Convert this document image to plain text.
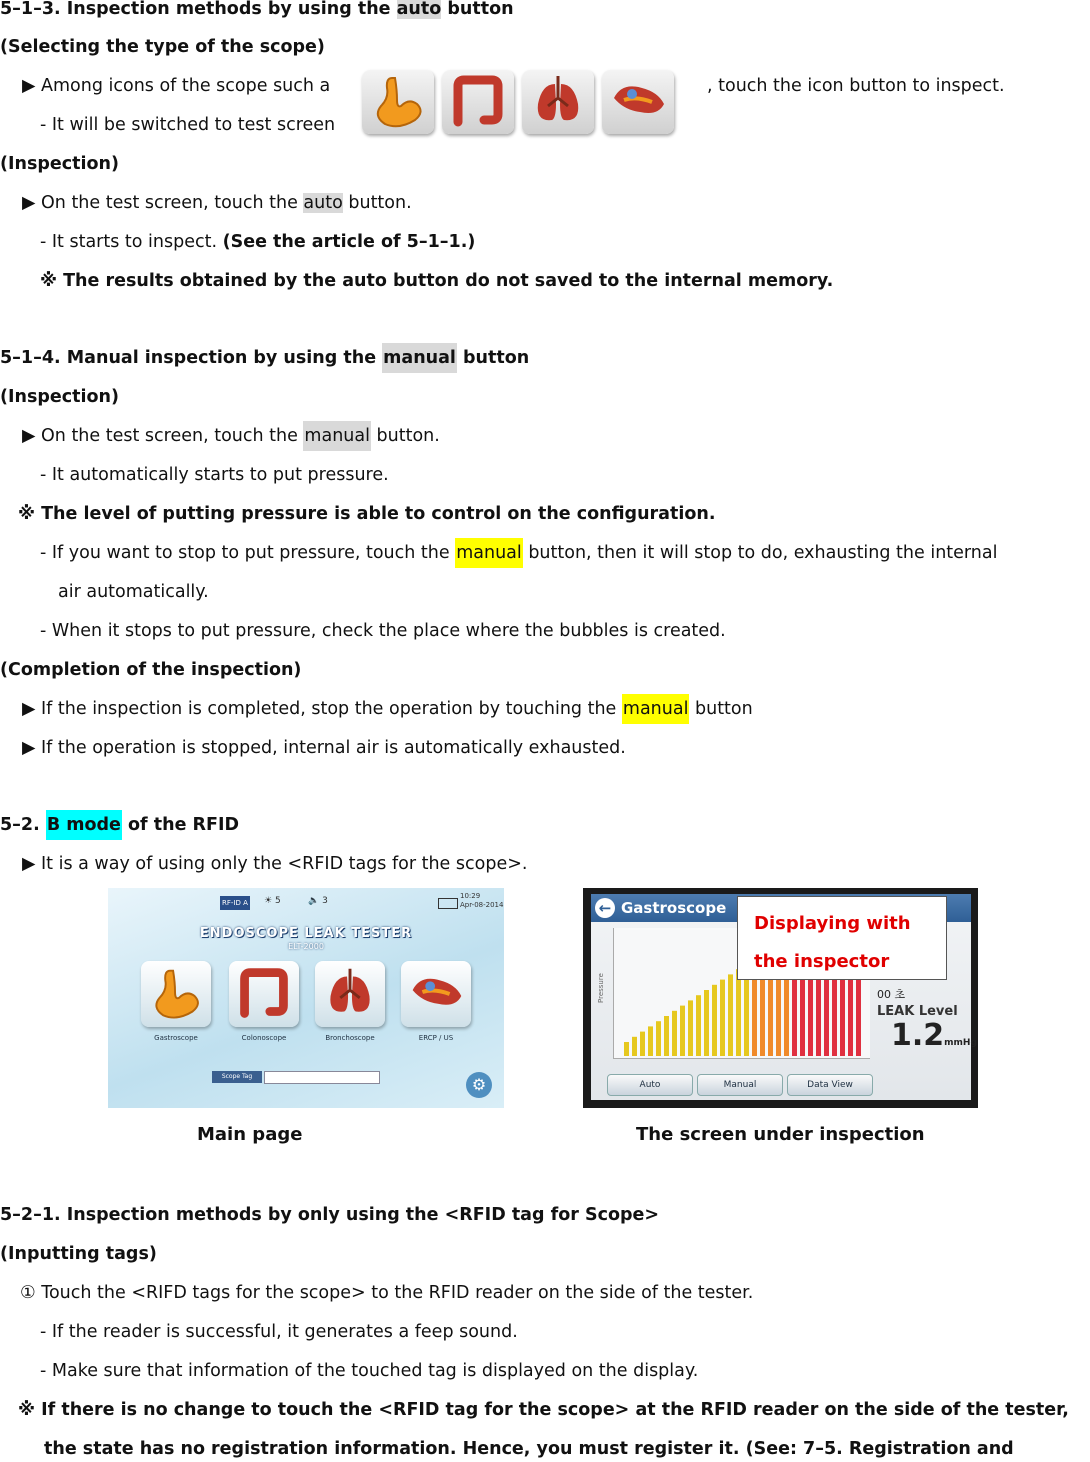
5–1–3. Inspection methods by using the auto button
(Selecting the type of the scope)
▶ Among icons of the scope such a	, touch the icon button to inspect.
- It will be switched to test screen
(Inspection)
▶ On the test screen, touch the auto button.
- It starts to inspect. (See the article of 5–1–1.)
※ The results obtained by the auto button do not saved to the internal memory.
5–1–4. Manual inspection by using the manual button
(Inspection)
▶ On the test screen, touch the manual button.
- It automatically starts to put pressure.
※ The level of putting pressure is able to control on the configuration.
- If you want to stop to put pressure, touch the manual button, then it will stop to do, exhausting the internal
air automatically.
- When it stops to put pressure, check the place where the bubbles is created.
(Completion of the inspection)
▶ If the inspection is completed, stop the operation by touching the manual button
▶ If the operation is stopped, internal air is automatically exhausted.
5–2. B mode of the RFID
▶ It is a way of using only the <RFID tags for the scope>.
RF-ID A ☀ 5	🔈 3	10:29
Apr-08-2014
ENDOSCOPE LEAK TESTER
ELT-2000
Gastroscope	Colonoscope	Bronchoscope	ERCP / US
Scope Tag	⚙
← Gastroscope
Pressure	00 초
LEAK Level
1.2mmHg
Auto	Manual	Data View
Displaying with the inspector
Main page	The screen under inspection
5–2–1. Inspection methods by only using the <RFID tag for Scope>
(Inputting tags)
① Touch the <RIFD tags for the scope> to the RFID reader on the side of the tester.
- If the reader is successful, it generates a feep sound.
- Make sure that information of the touched tag is displayed on the display.
※ If there is no change to touch the <RFID tag for the scope> at the RFID reader on the side of the tester,
the state has no registration information. Hence, you must register it. (See: 7–5. Registration and
